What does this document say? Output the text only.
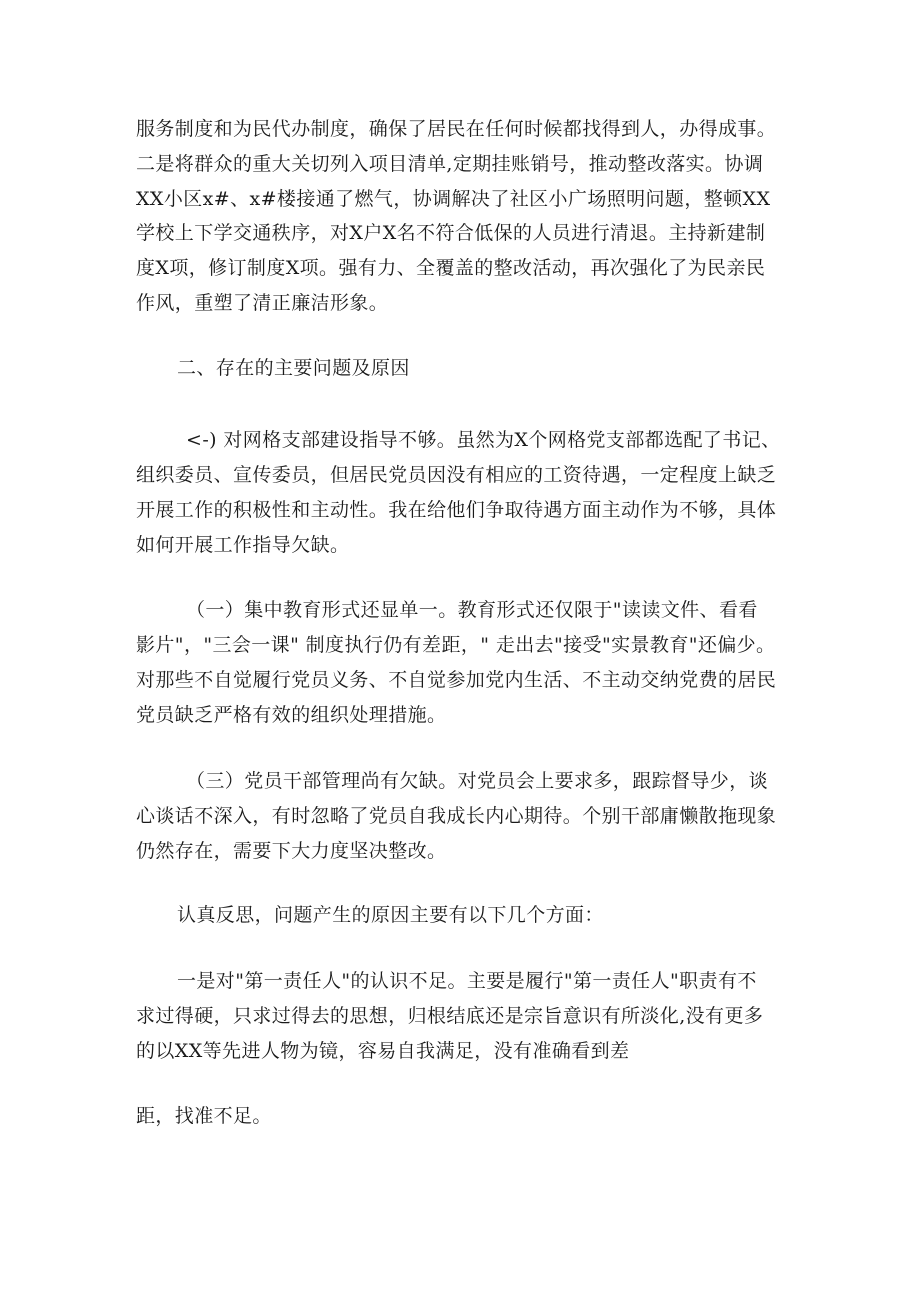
服务制度和为民代办制度，确保了居民在任何时候都找得到人，办得成事。
二是将群众的重大关切列入项目清单,定期挂账销号，推动整改落实。协调
XX小区x#、x#楼接通了燃气，协调解决了社区小广场照明问题，整顿XX
学校上下学交通秩序，对X户X名不符合低保的人员进行清退。主持新建制
度X项，修订制度X项。强有力、全覆盖的整改活动，再次强化了为民亲民
作风，重塑了清正廉洁形象。
二、存在的主要问题及原因
<-) 对网格支部建设指导不够。虽然为X个网格党支部都选配了书记、
组织委员、宣传委员，但居民党员因没有相应的工资待遇，一定程度上缺乏
开展工作的积极性和主动性。我在给他们争取待遇方面主动作为不够，具体
如何开展工作指导欠缺。
（一）集中教育形式还显单一。教育形式还仅限于"读读文件、看看
影片"，"三会一课" 制度执行仍有差距，" 走出去"接受"实景教育"还偏少。
对那些不自觉履行党员义务、不自觉参加党内生活、不主动交纳党费的居民
党员缺乏严格有效的组织处理措施。
（三）党员干部管理尚有欠缺。对党员会上要求多，跟踪督导少，谈
心谈话不深入，有时忽略了党员自我成长内心期待。个别干部庸懒散拖现象
仍然存在，需要下大力度坚决整改。
认真反思，问题产生的原因主要有以下几个方面：
一是对"第一责任人"的认识不足。主要是履行"第一责任人"职责有不
求过得硬，只求过得去的思想，归根结底还是宗旨意识有所淡化,没有更多
的以XX等先进人物为镜，容易自我满足，没有准确看到差
距，找准不足。
